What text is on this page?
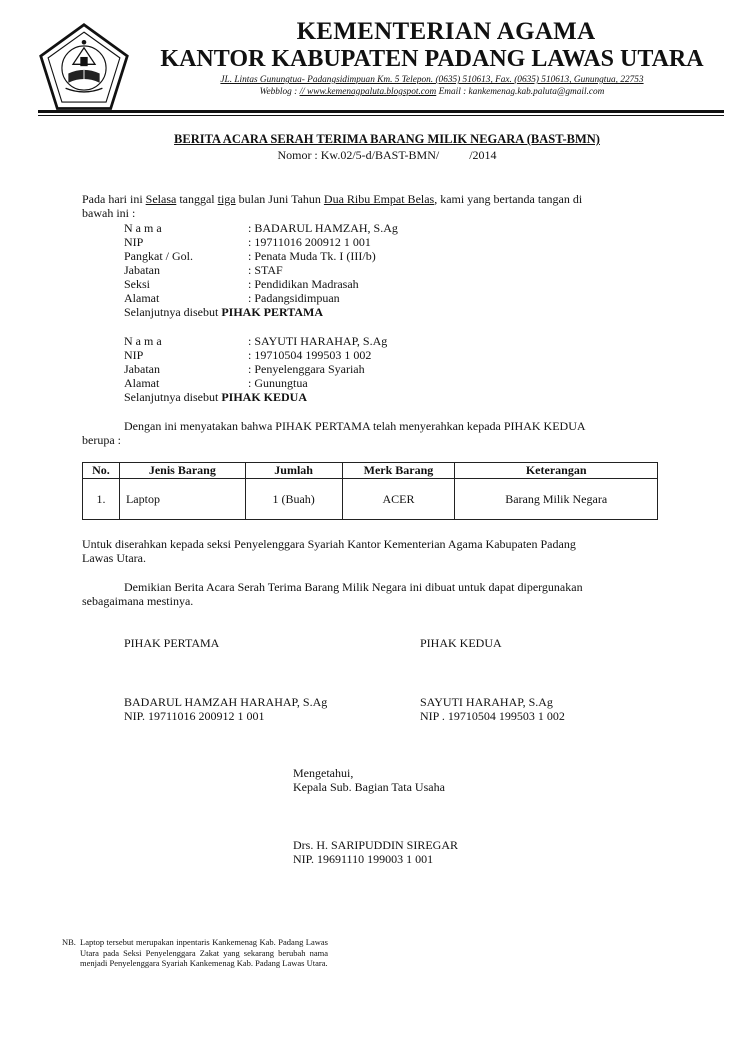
KEMENTERIAN AGAMA
KANTOR KABUPATEN PADANG LAWAS UTARA
JL. Lintas Gunungtua- Padangsidimpuan Km. 5 Telepon. (0635) 510613, Fax. (0635) 510613, Gunungtua, 22753
Webblog : // www.kemenagpaluta.blogspot.com Email : kankemenag.kab.paluta@gmail.com
BERITA ACARA SERAH TERIMA BARANG MILIK NEGARA (BAST-BMN)
Nomor : Kw.02/5-d/BAST-BMN/          /2014
Pada hari ini Selasa tanggal tiga bulan Juni Tahun Dua Ribu Empat Belas, kami yang bertanda tangan di
bawah ini :
N a m a	: BADARUL HAMZAH, S.Ag
NIP	: 19711016 200912 1 001
Pangkat / Gol.	: Penata Muda Tk. I (III/b)
Jabatan	: STAF
Seksi	: Pendidikan Madrasah
Alamat	: Padangsidimpuan
Selanjutnya disebut PIHAK PERTAMA
N a m a	: SAYUTI HARAHAP, S.Ag
NIP	: 19710504 199503 1 002
Jabatan	: Penyelenggara Syariah
Alamat	: Gunungtua
Selanjutnya disebut PIHAK KEDUA
Dengan ini menyatakan bahwa PIHAK PERTAMA telah menyerahkan kepada PIHAK KEDUA
berupa :
No.	Jenis Barang	Jumlah	Merk Barang	Keterangan
1.	Laptop	1 (Buah)	ACER	Barang Milik Negara
Untuk diserahkan kepada seksi Penyelenggara Syariah Kantor Kementerian Agama Kabupaten Padang
Lawas Utara.
Demikian Berita Acara Serah Terima Barang Milik Negara ini dibuat untuk dapat dipergunakan
sebagaimana mestinya.
PIHAK PERTAMA	PIHAK KEDUA
BADARUL HAMZAH HARAHAP, S.Ag
NIP. 19711016 200912 1 001
SAYUTI HARAHAP, S.Ag
NIP . 19710504 199503 1 002
Mengetahui,
Kepala Sub. Bagian Tata Usaha
Drs. H. SARIPUDDIN SIREGAR
NIP. 19691110 199003 1 001
NB. Laptop tersebut merupakan inpentaris Kankemenag Kab. Padang Lawas Utara pada Seksi Penyelenggara Zakat yang sekarang berubah nama menjadi Penyelenggara Syariah Kankemenag Kab. Padang Lawas Utara.
